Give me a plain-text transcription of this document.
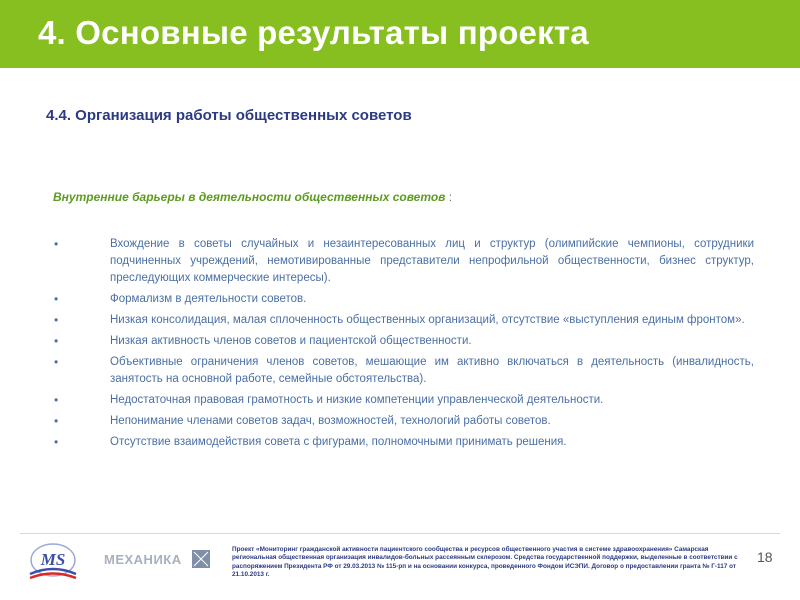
4. Основные результаты проекта
4.4. Организация работы общественных советов
Внутренние барьеры в деятельности общественных советов :
•	Вхождение в советы случайных и незаинтересованных лиц и структур (олимпийские чемпионы, сотрудники подчиненных учреждений, немотивированные представители непрофильной общественности, бизнес структур, преследующих коммерческие интересы).
•	Формализм в деятельности советов.
•	Низкая консолидация, малая сплоченность общественных организаций, отсутствие «выступления единым фронтом».
•	Низкая активность членов советов и пациентской общественности.
•	Объективные ограничения членов советов, мешающие им активно включаться в деятельность (инвалидность, занятость на основной работе, семейные обстоятельства).
•	Недостаточная правовая грамотность и низкие компетенции управленческой деятельности.
•	Непонимание членами советов задач, возможностей, технологий работы советов.
•	Отсутствие взаимодействия совета с фигурами, полномочными принимать решения.
MS	МЕХАНИКА
Проект «Мониторинг гражданской активности пациентского сообщества и ресурсов общественного участия в системе здравоохранения» Самарская региональная общественная организация инвалидов-больных рассеянным склерозом. Средства государственной поддержки, выделенные в соответствии с распоряжением Президента РФ от 29.03.2013 № 115-рп и на основании конкурса, проведенного Фондом ИСЭПИ. Договор о предоставлении гранта № Г-117 от 21.10.2013 г.
18
